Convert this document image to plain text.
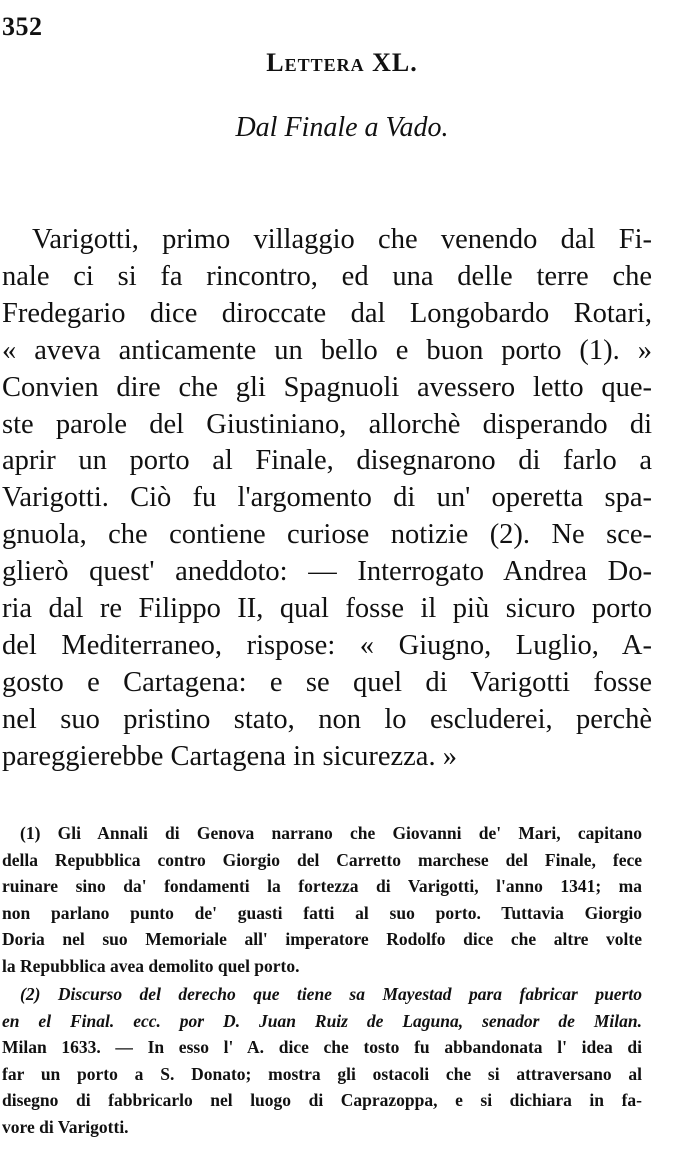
352
Lettera XL.
Dal Finale a Vado.
Varigotti, primo villaggio che venendo dal Fi-
nale ci si fa rincontro, ed una delle terre che
Fredegario dice diroccate dal Longobardo Rotari,
« aveva anticamente un bello e buon porto (1). »
Convien dire che gli Spagnuoli avessero letto que-
ste parole del Giustiniano, allorchè disperando di
aprir un porto al Finale, disegnarono di farlo a
Varigotti. Ciò fu l'argomento di un' operetta spa-
gnuola, che contiene curiose notizie (2). Ne sce-
glierò quest' aneddoto: — Interrogato Andrea Do-
ria dal re Filippo II, qual fosse il più sicuro porto
del Mediterraneo, rispose: « Giugno, Luglio, A-
gosto e Cartagena: e se quel di Varigotti fosse
nel suo pristino stato, non lo escluderei, perchè
pareggierebbe Cartagena in sicurezza. »
(1) Gli Annali di Genova narrano che Giovanni de' Mari, capitano
della Repubblica contro Giorgio del Carretto marchese del Finale, fece
ruinare sino da' fondamenti la fortezza di Varigotti, l'anno 1341; ma
non parlano punto de' guasti fatti al suo porto. Tuttavia Giorgio
Doria nel suo Memoriale all' imperatore Rodolfo dice che altre volte
la Repubblica avea demolito quel porto.
(2) Discurso del derecho que tiene sa Mayestad para fabricar puerto
en el Final. ecc. por D. Juan Ruiz de Laguna, senador de Milan.
Milan 1633. — In esso l' A. dice che tosto fu abbandonata l' idea di
far un porto a S. Donato; mostra gli ostacoli che si attraversano al
disegno di fabbricarlo nel luogo di Caprazoppa, e si dichiara in fa-
vore di Varigotti.
